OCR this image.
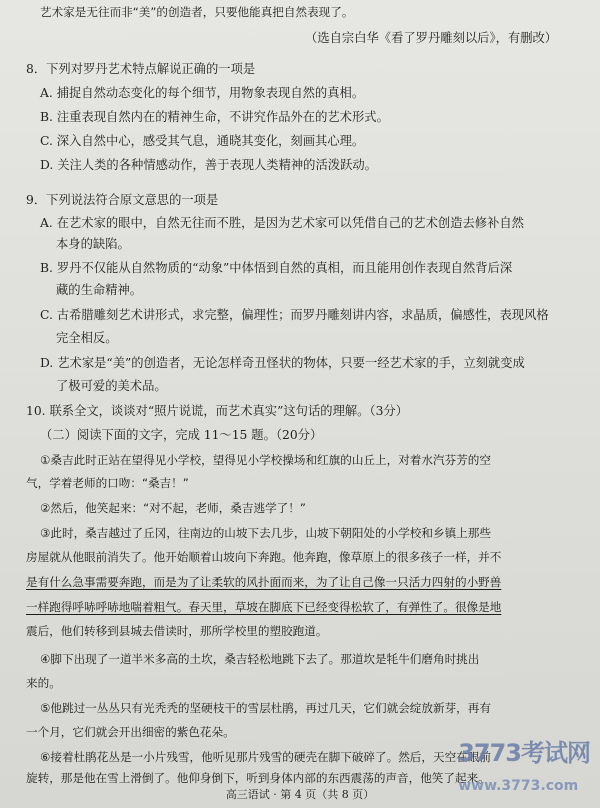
艺术家是无往而非“美”的创造者，只要他能真把自然表现了。
（选自宗白华《看了罗丹雕刻以后》，有删改）
8．下列对罗丹艺术特点解说正确的一项是
A. 捕捉自然动态变化的每个细节，用物象表现自然的真相。
B. 注重表现自然内在的精神生命，不讲究作品外在的艺术形式。
C. 深入自然中心，感受其气息，通晓其变化，刻画其心理。
D. 关注人类的各种情感动作，善于表现人类精神的活泼跃动。
9．下列说法符合原文意思的一项是
A. 在艺术家的眼中，自然无往而不胜，是因为艺术家可以凭借自己的艺术创造去修补自然
本身的缺陷。
B. 罗丹不仅能从自然物质的“动象”中体悟到自然的真相，而且能用创作表现自然背后深
藏的生命精神。
C. 古希腊雕刻艺术讲形式，求完整，偏理性；而罗丹雕刻讲内容，求晶质，偏感性，表现风格
完全相反。
D. 艺术家是“美”的创造者，无论怎样奇丑怪状的物体，只要一经艺术家的手，立刻就变成
了极可爱的美术品。
10. 联系全文，谈谈对“照片说谎，而艺术真实”这句话的理解。（3分）
（二）阅读下面的文字，完成 11～15 题。（20分）
①桑吉此时正站在望得见小学校，望得见小学校操场和红旗的山丘上，对着水汽芬芳的空
气，学着老师的口吻：“桑吉！”
②然后，他笑起来：“对不起，老师，桑吉逃学了！”
③此时，桑吉越过了丘冈，往南边的山坡下去几步，山坡下朝阳处的小学校和乡镇上那些
房屋就从他眼前消失了。他开始顺着山坡向下奔跑。他奔跑，像草原上的很多孩子一样，并不
是有什么急事需要奔跑，而是为了让柔软的风扑面而来，为了让自己像一只活力四射的小野兽
一样跑得呼哧呼哧地喘着粗气。春天里，草坡在脚底下已经变得松软了，有弹性了。很像是地
震后，他们转移到县城去借读时，那所学校里的塑胶跑道。
④脚下出现了一道半米多高的土坎，桑吉轻松地跳下去了。那道坎是牦牛们磨角时挑出
来的。
⑤他跳过一丛丛只有光秃秃的坚硬枝干的雪层杜鹃，再过几天，它们就会绽放新芽，再有
一个月，它们就会开出细密的紫色花朵。
⑥接着杜鹃花丛是一小片残雪，他听见那片残雪的硬壳在脚下破碎了。然后，天空在眼前
旋转，那是他在雪上滑倒了。他仰身倒下，听到身体内部的东西震荡的声音，他笑了起来。
高三语试 · 第 4 页（共 8 页）
3773考试网
www.3773.com
